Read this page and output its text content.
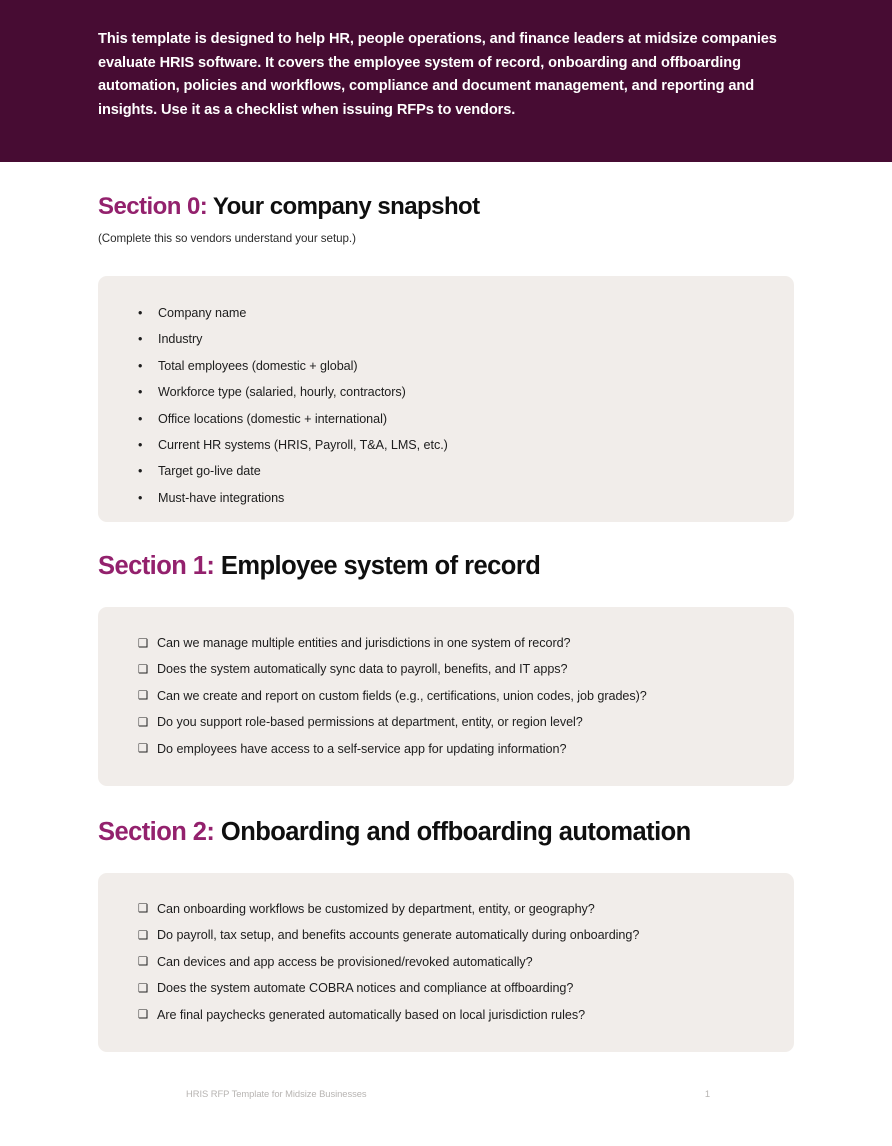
This template is designed to help HR, people operations, and finance leaders at midsize companies evaluate HRIS software. It covers the employee system of record, onboarding and offboarding automation, policies and workflows, compliance and document management, and reporting and insights. Use it as a checklist when issuing RFPs to vendors.

Section 0: Your company snapshot

(Complete this so vendors understand your setup.)

•	Company name
•	Industry
•	Total employees (domestic + global)
•	Workforce type (salaried, hourly, contractors)
•	Office locations (domestic + international)
•	Current HR systems (HRIS, Payroll, T&A, LMS, etc.)
•	Target go-live date
•	Must-have integrations
Section 1: Employee system of record
❑ Can we manage multiple entities and jurisdictions in one system of record?
❑ Does the system automatically sync data to payroll, benefits, and IT apps?
❑ Can we create and report on custom fields (e.g., certifications, union codes, job grades)?
❑ Do you support role-based permissions at department, entity, or region level?
❑ Do employees have access to a self-service app for updating information?
Section 2: Onboarding and offboarding automation
❑ Can onboarding workflows be customized by department, entity, or geography?
❑ Do payroll, tax setup, and benefits accounts generate automatically during onboarding?
❑ Can devices and app access be provisioned/revoked automatically?
❑ Does the system automate COBRA notices and compliance at offboarding?
❑ Are final paychecks generated automatically based on local jurisdiction rules?
HRIS RFP Template for Midsize Businesses	1
